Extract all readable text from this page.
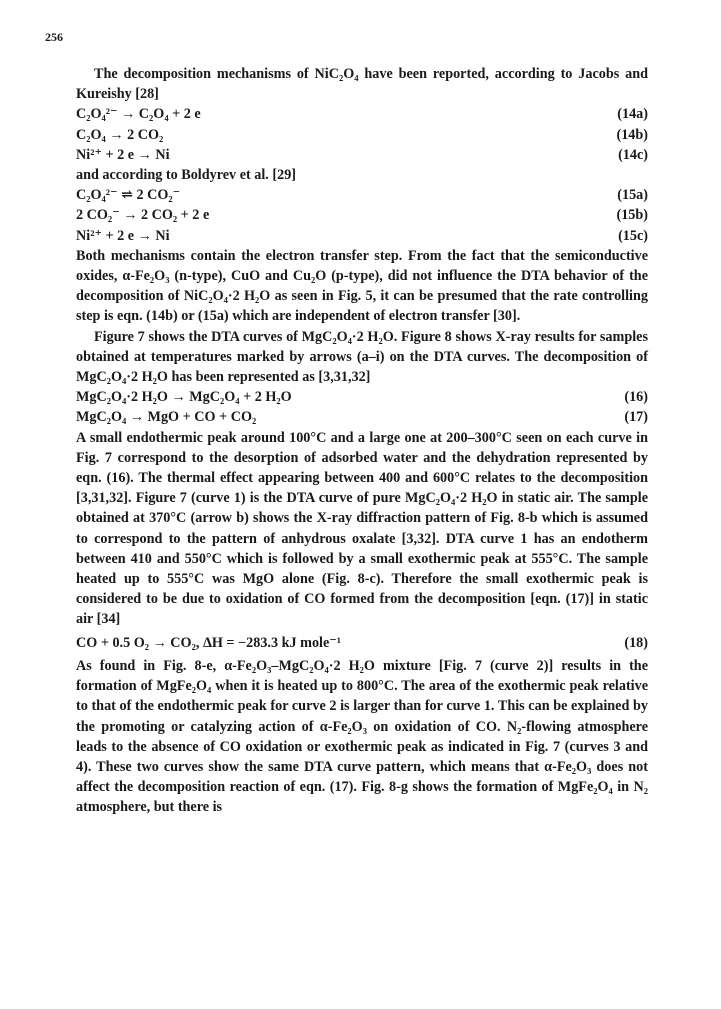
256

The decomposition mechanisms of NiC₂O₄ have been reported, according to Jacobs and Kureishy [28]

C₂O₄²⁻ → C₂O₄ + 2 e	(14a)
C₂O₄ → 2 CO₂	(14b)
Ni²⁺ + 2 e → Ni	(14c)

and according to Boldyrev et al. [29]

C₂O₄²⁻ ⇌ 2 CO₂⁻	(15a)
2 CO₂⁻ → 2 CO₂ + 2 e	(15b)
Ni²⁺ + 2 e → Ni	(15c)

Both mechanisms contain the electron transfer step. From the fact that the semiconductive oxides, α-Fe₂O₃ (n-type), CuO and Cu₂O (p-type), did not influence the DTA behavior of the decomposition of NiC₂O₄·2 H₂O as seen in Fig. 5, it can be presumed that the rate controlling step is eqn. (14b) or (15a) which are independent of electron transfer [30].

Figure 7 shows the DTA curves of MgC₂O₄·2 H₂O. Figure 8 shows X-ray results for samples obtained at temperatures marked by arrows (a–i) on the DTA curves. The decomposition of MgC₂O₄·2 H₂O has been represented as [3,31,32]

MgC₂O₄·2 H₂O → MgC₂O₄ + 2 H₂O	(16)
MgC₂O₄ → MgO + CO + CO₂	(17)

A small endothermic peak around 100°C and a large one at 200–300°C seen on each curve in Fig. 7 correspond to the desorption of adsorbed water and the dehydration represented by eqn. (16). The thermal effect appearing between 400 and 600°C relates to the decomposition [3,31,32]. Figure 7 (curve 1) is the DTA curve of pure MgC₂O₄·2 H₂O in static air. The sample obtained at 370°C (arrow b) shows the X-ray diffraction pattern of Fig. 8-b which is assumed to correspond to the pattern of anhydrous oxalate [3,32]. DTA curve 1 has an endotherm between 410 and 550°C which is followed by a small exothermic peak at 555°C. The sample heated up to 555°C was MgO alone (Fig. 8-c). Therefore the small exothermic peak is considered to be due to oxidation of CO formed from the decomposition [eqn. (17)] in static air [34]

CO + 0.5 O₂ → CO₂, ΔH = −283.3 kJ mole⁻¹	(18)

As found in Fig. 8-e, α-Fe₂O₃–MgC₂O₄·2 H₂O mixture [Fig. 7 (curve 2)] results in the formation of MgFe₂O₄ when it is heated up to 800°C. The area of the exothermic peak relative to that of the endothermic peak for curve 2 is larger than for curve 1. This can be explained by the promoting or catalyzing action of α-Fe₂O₃ on oxidation of CO. N₂-flowing atmosphere leads to the absence of CO oxidation or exothermic peak as indicated in Fig. 7 (curves 3 and 4). These two curves show the same DTA curve pattern, which means that α-Fe₂O₃ does not affect the decomposition reaction of eqn. (17). Fig. 8-g shows the formation of MgFe₂O₄ in N₂ atmosphere, but there is
